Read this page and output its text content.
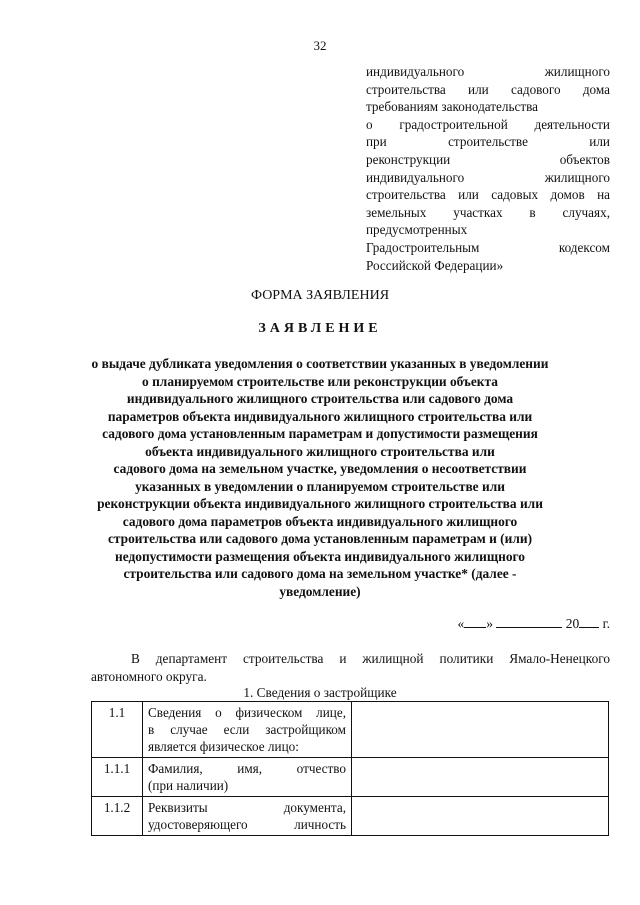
32
индивидуального жилищного
строительства или садового дома
требованиям законодательства
о градостроительной деятельности
при строительстве или
реконструкции объектов
индивидуального жилищного
строительства или садовых домов на
земельных участках в случаях,
предусмотренных
Градостроительным кодексом
Российской Федерации»
ФОРМА ЗАЯВЛЕНИЯ
ЗАЯВЛЕНИЕ
о выдаче дубликата уведомления о соответствии указанных в уведомлении
о планируемом строительстве или реконструкции объекта
индивидуального жилищного строительства или садового дома
параметров объекта индивидуального жилищного строительства или
садового дома установленным параметрам и допустимости размещения
объекта индивидуального жилищного строительства или
садового дома на земельном участке, уведомления о несоответствии
указанных в уведомлении о планируемом строительстве или
реконструкции объекта индивидуального жилищного строительства или
садового дома параметров объекта индивидуального жилищного
строительства или садового дома установленным параметрам и (или)
недопустимости размещения объекта индивидуального жилищного
строительства или садового дома на земельном участке* (далее -
уведомление)
« »	20 г.
В департамент строительства и жилищной политики Ямало-Ненецкого
автономного округа.
1. Сведения о застройщике
1.1	Сведения о физическом лице,
в случае если застройщиком
является физическое лицо:	

1.1.1	Фамилия, имя, отчество
(при наличии)	

1.1.2	Реквизиты документа,
удостоверяющего личность	
